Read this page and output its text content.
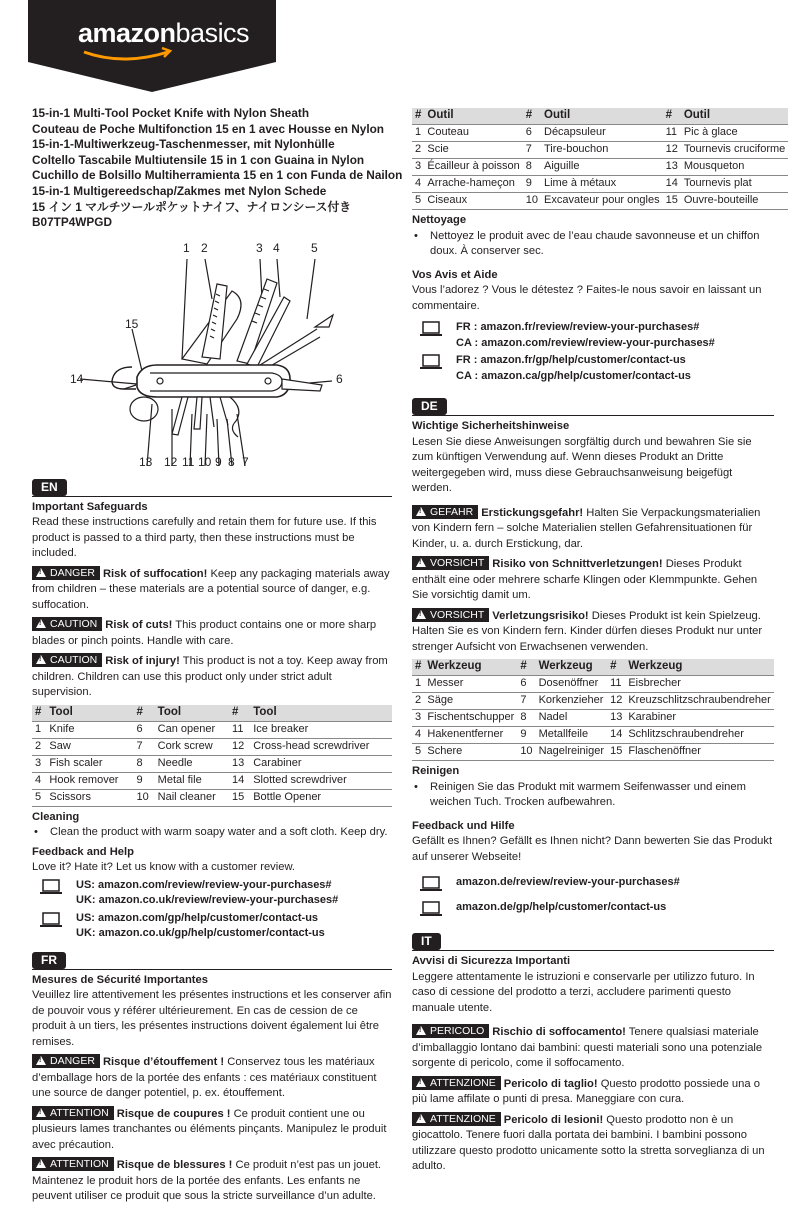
amazonbasics
15-in-1 Multi-Tool Pocket Knife with Nylon Sheath
Couteau de Poche Multifonction 15 en 1 avec Housse en Nylon
15-in-1-Multiwerkzeug-Taschenmesser, mit Nylonhülle
Coltello Tascabile Multiutensile 15 in 1 con Guaina in Nylon
Cuchillo de Bolsillo Multiherramienta 15 en 1 con Funda de Nailon
15-in-1 Multigereedschap/Zakmes met Nylon Schede
15 イン 1 マルチツールポケットナイフ、ナイロンシース付き
B07TP4WPGD
1 2	3 4	5
6
7
8
9
10
11
12
13
14
15
EN
Important Safeguards

Read these instructions carefully and retain them for future use. If this product is passed to a third party, then these instructions must be included.

!DANGER Risk of suffocation! Keep any packaging materials away from children – these materials are a potential source of danger, e.g. suffocation.
!CAUTION Risk of cuts! This product contains one or more sharp blades or pinch points. Handle with care.
!CAUTION Risk of injury! This product is not a toy. Keep away from children. Children can use this product only under strict adult supervision.
#	Tool	#	Tool	#	Tool
1	Knife	6	Can opener	11	Ice breaker
2	Saw	7	Cork screw	12	Cross-head screwdriver
3	Fish scaler	8	Needle	13	Carabiner
4	Hook remover	9	Metal file	14	Slotted screwdriver
5	Scissors	10	Nail cleaner	15	Bottle Opener
Cleaning

• Clean the product with warm soapy water and a soft cloth. Keep dry.

Feedback and Help

Love it? Hate it? Let us know with a customer review.

US: amazon.com/review/review-your-purchases#
UK: amazon.co.uk/review/review-your-purchases#
US: amazon.com/gp/help/customer/contact-us
UK: amazon.co.uk/gp/help/customer/contact-us
FR
Mesures de Sécurité Importantes

Veuillez lire attentivement les présentes instructions et les conserver afin de pouvoir vous y référer ultérieurement. En cas de cession de ce produit à un tiers, les présentes instructions doivent également lui être remises.

!DANGER Risque d’étouffement ! Conservez tous les matériaux d’emballage hors de la portée des enfants : ces matériaux constituent une source de danger potentiel, p. ex. étouffement.
!ATTENTION Risque de coupures ! Ce produit contient une ou plusieurs lames tranchantes ou éléments pinçants. Manipulez le produit avec précaution.
!ATTENTION Risque de blessures ! Ce produit n’est pas un jouet. Maintenez le produit hors de la portée des enfants. Les enfants ne peuvent utiliser ce produit que sous la stricte surveillance d’un adulte.
#	Outil	#	Outil	#	Outil
1	Couteau	6	Décapsuleur	11	Pic à glace
2	Scie	7	Tire-bouchon	12	Tournevis cruciforme
3	Écailleur à poisson	8	Aiguille	13	Mousqueton
4	Arrache-hameçon	9	Lime à métaux	14	Tournevis plat
5	Ciseaux	10	Excavateur pour ongles	15	Ouvre-bouteille
Nettoyage

• Nettoyez le produit avec de l’eau chaude savonneuse et un chiffon doux. À conserver sec.

Vos Avis et Aide

Vous l’adorez ? Vous le détestez ? Faites-le nous savoir en laissant un commentaire.

FR : amazon.fr/review/review-your-purchases#
CA : amazon.com/review/review-your-purchases#
FR : amazon.fr/gp/help/customer/contact-us
CA : amazon.ca/gp/help/customer/contact-us
DE
Wichtige Sicherheitshinweise

Lesen Sie diese Anweisungen sorgfältig durch und bewahren Sie sie zum künftigen Verwendung auf. Wenn dieses Produkt an Dritte weitergegeben wird, muss diese Gebrauchsanweisung beigefügt werden.

!GEFAHR Erstickungsgefahr! Halten Sie Verpackungsmaterialien von Kindern fern – solche Materialien stellen Gefahrensituationen für Kinder, u. a. durch Erstickung, dar.
!VORSICHT Risiko von Schnittverletzungen! Dieses Produkt enthält eine oder mehrere scharfe Klingen oder Klemmpunkte. Gehen Sie vorsichtig damit um.
!VORSICHT Verletzungsrisiko! Dieses Produkt ist kein Spielzeug. Halten Sie es von Kindern fern. Kinder dürfen dieses Produkt nur unter strenger Aufsicht von Erwachsenen verwenden.
#	Werkzeug	#	Werkzeug	#	Werkzeug
1	Messer	6	Dosenöffner	11	Eisbrecher
2	Säge	7	Korkenzieher	12	Kreuzschlitzschraubendreher
3	Fischentschupper	8	Nadel	13	Karabiner
4	Hakenentferner	9	Metallfeile	14	Schlitzschraubendreher
5	Schere	10	Nagelreiniger	15	Flaschenöffner
Reinigen

• Reinigen Sie das Produkt mit warmem Seifenwasser und einem weichen Tuch. Trocken aufbewahren.

Feedback und Hilfe

Gefällt es Ihnen? Gefällt es Ihnen nicht? Dann bewerten Sie das Produkt auf unserer Webseite!

amazon.de/review/review-your-purchases#
amazon.de/gp/help/customer/contact-us
IT
Avvisi di Sicurezza Importanti

Leggere attentamente le istruzioni e conservarle per utilizzo futuro. In caso di cessione del prodotto a terzi, accludere parimenti questo manuale utente.

!PERICOLO Rischio di soffocamento! Tenere qualsiasi materiale d’imballaggio lontano dai bambini: questi materiali sono una potenziale sorgente di pericolo, come il soffocamento.
!ATTENZIONE Pericolo di taglio! Questo prodotto possiede una o più lame affilate o punti di presa. Maneggiare con cura.
!ATTENZIONE Pericolo di lesioni! Questo prodotto non è un giocattolo. Tenere fuori dalla portata dei bambini. I bambini possono utilizzare questo prodotto unicamente sotto la stretta sorveglianza di un adulto.
